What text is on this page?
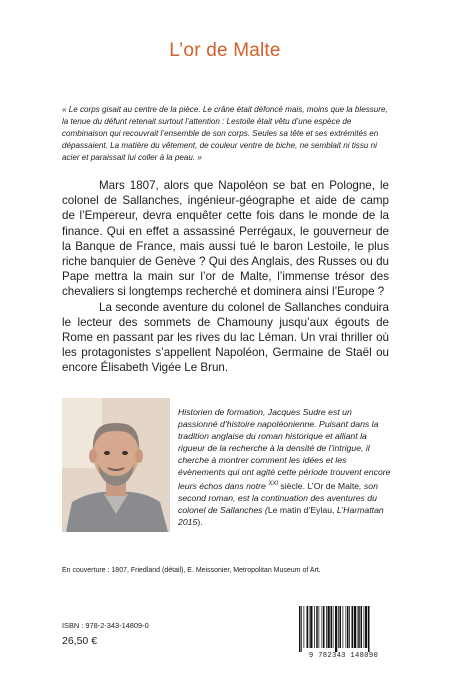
L’or de Malte
« Le corps gisait au centre de la pièce. Le crâne était défoncé mais, moins que la blessure, la tenue du défunt retenait surtout l’attention : Lestoile était vêtu d’une espèce de combinaison qui recouvrait l’ensemble de son corps. Seules sa tête et ses extrémités en dépassaient. La matière du vêtement, de couleur ventre de biche, ne semblait ni tissu ni acier et paraissait lui coller à la peau. »

Mars 1807, alors que Napoléon se bat en Pologne, le colonel de Sallanches, ingénieur-géographe et aide de camp de l’Empereur, devra enquêter cette fois dans le monde de la finance. Qui en effet a assassiné Perrégaux, le gouverneur de la Banque de France, mais aussi tué le baron Lestoile, le plus riche banquier de Genève ? Qui des Anglais, des Russes ou du Pape mettra la main sur l’or de Malte, l’immense trésor des chevaliers si longtemps recherché et dominera ainsi l’Europe ?

La seconde aventure du colonel de Sallanches conduira le lecteur des sommets de Chamouny jusqu’aux égouts de Rome en passant par les rives du lac Léman. Un vrai thriller où les protagonistes s’appellent Napoléon, Germaine de Staël ou encore Élisabeth Vigée Le Brun.

Historien de formation, Jacques Sudre est un passionné d’histoire napoléonienne. Puisant dans la tradition anglaise du roman historique et alliant la rigueur de la recherche à la densité de l’intrigue, il cherche à montrer comment les idées et les évènements qui ont agité cette période trouvent encore leurs échos dans notre $^{XXI}$ siècle. L’Or de Malte, son second roman, est la continuation des aventures du colonel de Sallanches (Le matin d’Eylau, L’Harmattan 2015).
En couverture : 1807, Friedland (détail), E. Meissonier, Metropolitan Museum of Art.
ISBN : 978-2-343-14809-0
26,50 €
9 782343 148090
